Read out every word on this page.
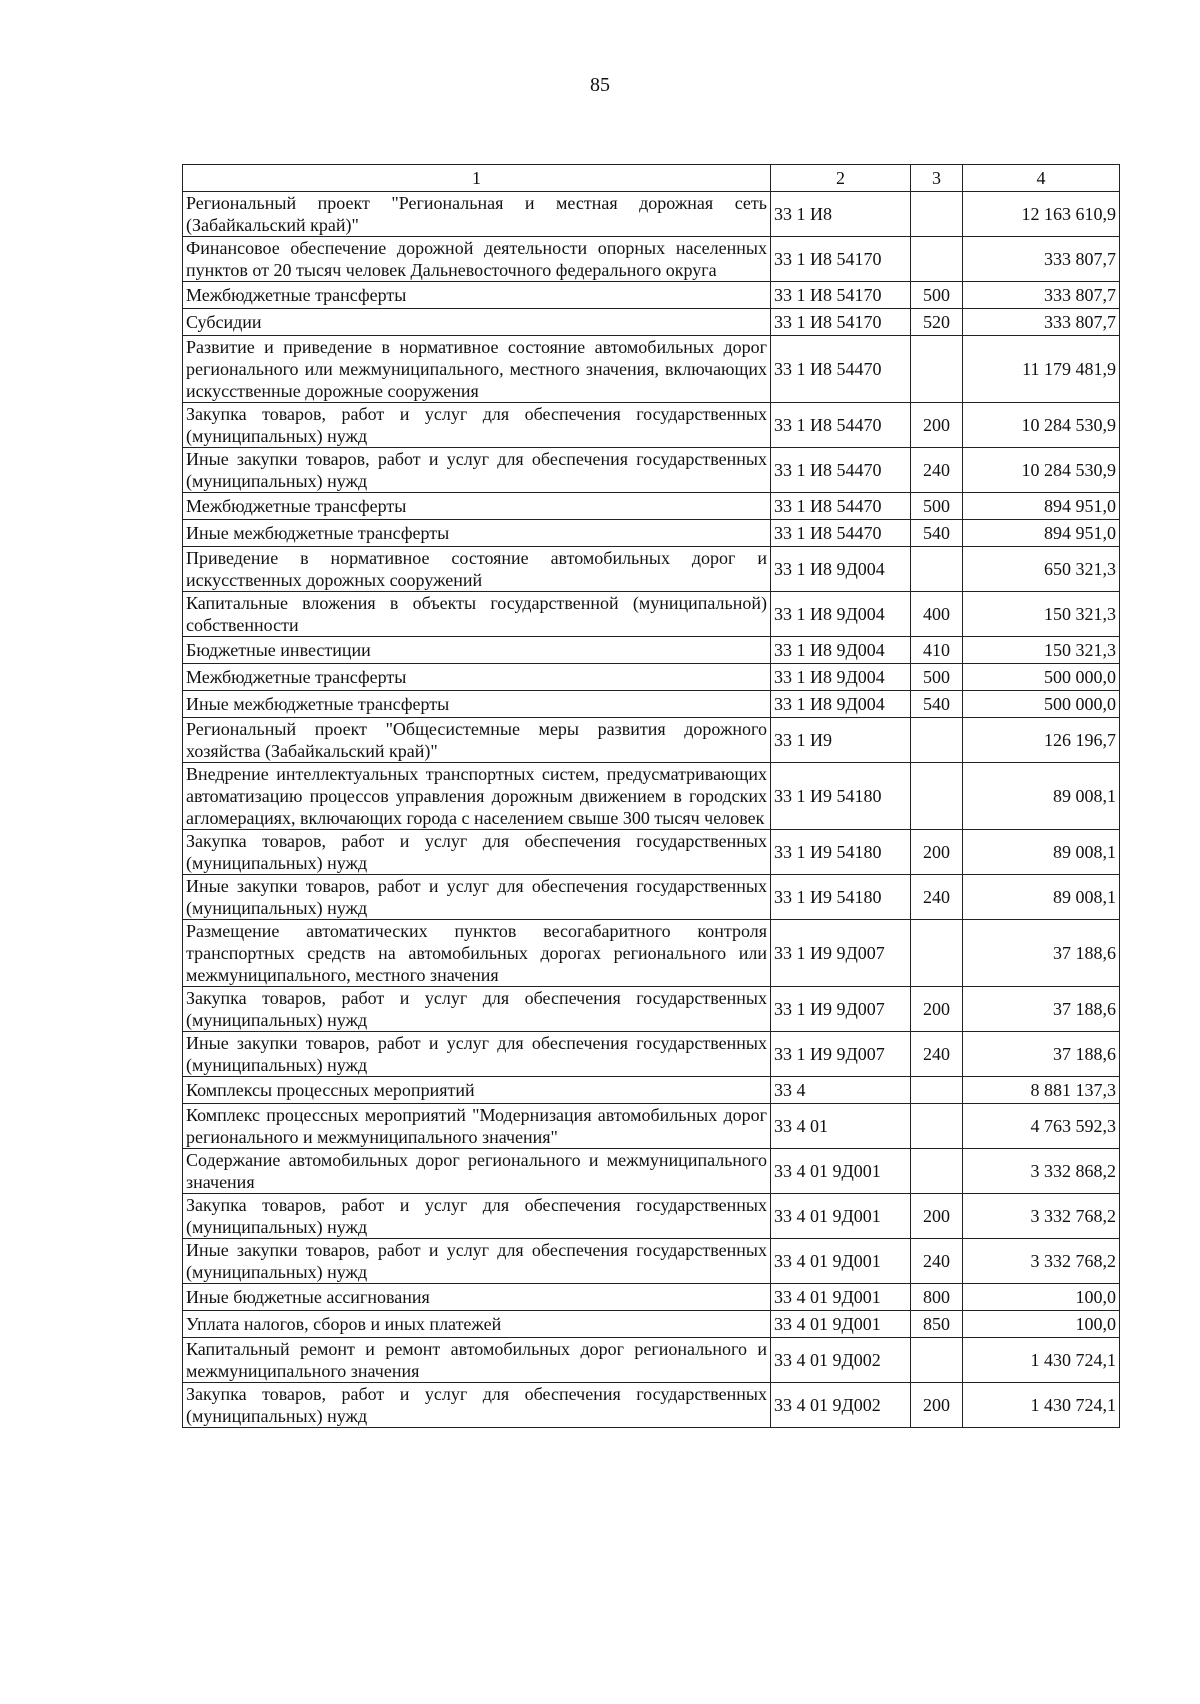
85
1	2	3	4
Региональный проект "Региональная и местная дорожная сеть (Забайкальский край)"	33 1 И8		12 163 610,9
Финансовое обеспечение дорожной деятельности опорных населенных пунктов от 20 тысяч человек Дальневосточного федерального округа	33 1 И8 54170		333 807,7
Межбюджетные трансферты	33 1 И8 54170	500	333 807,7
Субсидии	33 1 И8 54170	520	333 807,7
Развитие и приведение в нормативное состояние автомобильных дорог регионального или межмуниципального, местного значения, включающих искусственные дорожные сооружения	33 1 И8 54470		11 179 481,9
Закупка товаров, работ и услуг для обеспечения государственных (муниципальных) нужд	33 1 И8 54470	200	10 284 530,9
Иные закупки товаров, работ и услуг для обеспечения государственных (муниципальных) нужд	33 1 И8 54470	240	10 284 530,9
Межбюджетные трансферты	33 1 И8 54470	500	894 951,0
Иные межбюджетные трансферты	33 1 И8 54470	540	894 951,0
Приведение в нормативное состояние автомобильных дорог и искусственных дорожных сооружений	33 1 И8 9Д004		650 321,3
Капитальные вложения в объекты государственной (муниципальной) собственности	33 1 И8 9Д004	400	150 321,3
Бюджетные инвестиции	33 1 И8 9Д004	410	150 321,3
Межбюджетные трансферты	33 1 И8 9Д004	500	500 000,0
Иные межбюджетные трансферты	33 1 И8 9Д004	540	500 000,0
Региональный проект "Общесистемные меры развития дорожного хозяйства (Забайкальский край)"	33 1 И9		126 196,7
Внедрение интеллектуальных транспортных систем, предусматривающих автоматизацию процессов управления дорожным движением в городских агломерациях, включающих города с населением свыше 300 тысяч человек	33 1 И9 54180		89 008,1
Закупка товаров, работ и услуг для обеспечения государственных (муниципальных) нужд	33 1 И9 54180	200	89 008,1
Иные закупки товаров, работ и услуг для обеспечения государственных (муниципальных) нужд	33 1 И9 54180	240	89 008,1
Размещение автоматических пунктов весогабаритного контроля транспортных средств на автомобильных дорогах регионального или межмуниципального, местного значения	33 1 И9 9Д007		37 188,6
Закупка товаров, работ и услуг для обеспечения государственных (муниципальных) нужд	33 1 И9 9Д007	200	37 188,6
Иные закупки товаров, работ и услуг для обеспечения государственных (муниципальных) нужд	33 1 И9 9Д007	240	37 188,6
Комплексы процессных мероприятий	33 4		8 881 137,3
Комплекс процессных мероприятий "Модернизация автомобильных дорог регионального и межмуниципального значения"	33 4 01		4 763 592,3
Содержание автомобильных дорог регионального и межмуниципального значения	33 4 01 9Д001		3 332 868,2
Закупка товаров, работ и услуг для обеспечения государственных (муниципальных) нужд	33 4 01 9Д001	200	3 332 768,2
Иные закупки товаров, работ и услуг для обеспечения государственных (муниципальных) нужд	33 4 01 9Д001	240	3 332 768,2
Иные бюджетные ассигнования	33 4 01 9Д001	800	100,0
Уплата налогов, сборов и иных платежей	33 4 01 9Д001	850	100,0
Капитальный ремонт и ремонт автомобильных дорог регионального и межмуниципального значения	33 4 01 9Д002		1 430 724,1
Закупка товаров, работ и услуг для обеспечения государственных (муниципальных) нужд	33 4 01 9Д002	200	1 430 724,1
